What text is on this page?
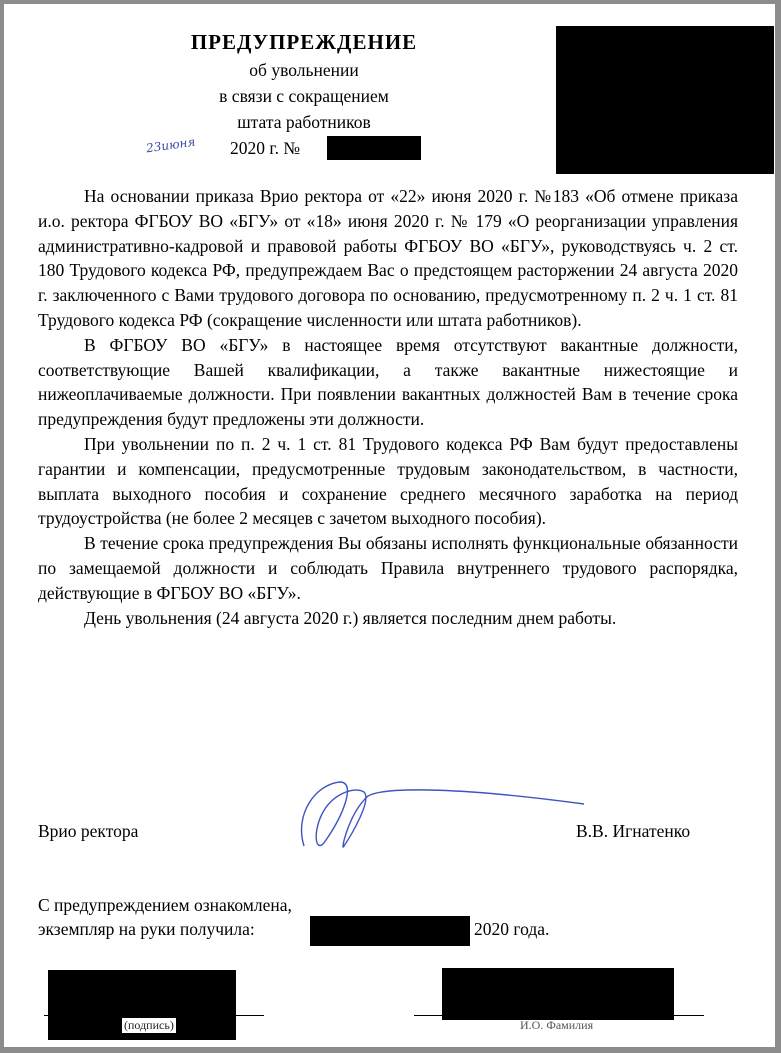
ПРЕДУПРЕЖДЕНИЕ
об увольнении
в связи с сокращением
штата работников
23июня 2020 г. №

На основании приказа Врио ректора от «22» июня 2020 г. №183 «Об отмене приказа и.о. ректора ФГБОУ ВО «БГУ» от «18» июня 2020 г. № 179 «О реорганизации управления административно-кадровой и правовой работы ФГБОУ ВО «БГУ», руководствуясь ч. 2 ст. 180 Трудового кодекса РФ, предупреждаем Вас о предстоящем расторжении 24 августа 2020 г. заключенного с Вами трудового договора по основанию, предусмотренному п. 2 ч. 1 ст. 81 Трудового кодекса РФ (сокращение численности или штата работников).

В ФГБОУ ВО «БГУ» в настоящее время отсутствуют вакантные должности, соответствующие Вашей квалификации, а также вакантные нижестоящие и нижеоплачиваемые должности. При появлении вакантных должностей Вам в течение срока предупреждения будут предложены эти должности.

При увольнении по п. 2 ч. 1 ст. 81 Трудового кодекса РФ Вам будут предоставлены гарантии и компенсации, предусмотренные трудовым законодательством, в частности, выплата выходного пособия и сохранение среднего месячного заработка на период трудоустройства (не более 2 месяцев с зачетом выходного пособия).

В течение срока предупреждения Вы обязаны исполнять функциональные обязанности по замещаемой должности и соблюдать Правила внутреннего трудового распорядка, действующие в ФГБОУ ВО «БГУ».

День увольнения (24 августа 2020 г.) является последним днем работы.

Врио ректора	В.В. Игнатенко
С предупреждением ознакомлена,
экземпляр на руки получила:	2020 года.
(подпись)	И.О. Фамилия
